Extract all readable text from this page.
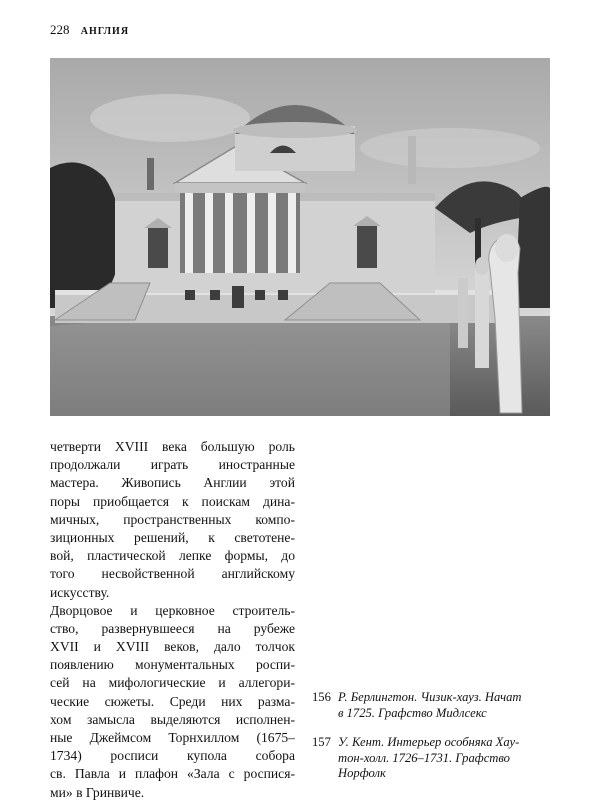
228 АНГЛИЯ
четверти XVIII века большую роль
продолжали играть иностранные
мастера. Живопись Англии этой
поры приобщается к поискам дина-
мичных, пространственных компо-
зиционных решений, к светотене-
вой, пластической лепке формы, до
того несвойственной английскому
искусству.
Дворцовое и церковное строитель-
ство, развернувшееся на рубеже
XVII и XVIII веков, дало толчок
появлению монументальных роспи-
сей на мифологические и аллегори-
ческие сюжеты. Среди них разма-
хом замысла выделяются исполнен-
ные Джеймсом Торнхиллом (1675–
1734) росписи купола собора
св. Павла и плафон «Зала с роспися-
ми» в Гринвиче.
156 Р. Берлингтон. Чизик-хауз. Начат
в 1725. Графство Мидлсекс
157 У. Кент. Интерьер особняка Хау-
тон-холл. 1726–1731. Графство
Норфолк
